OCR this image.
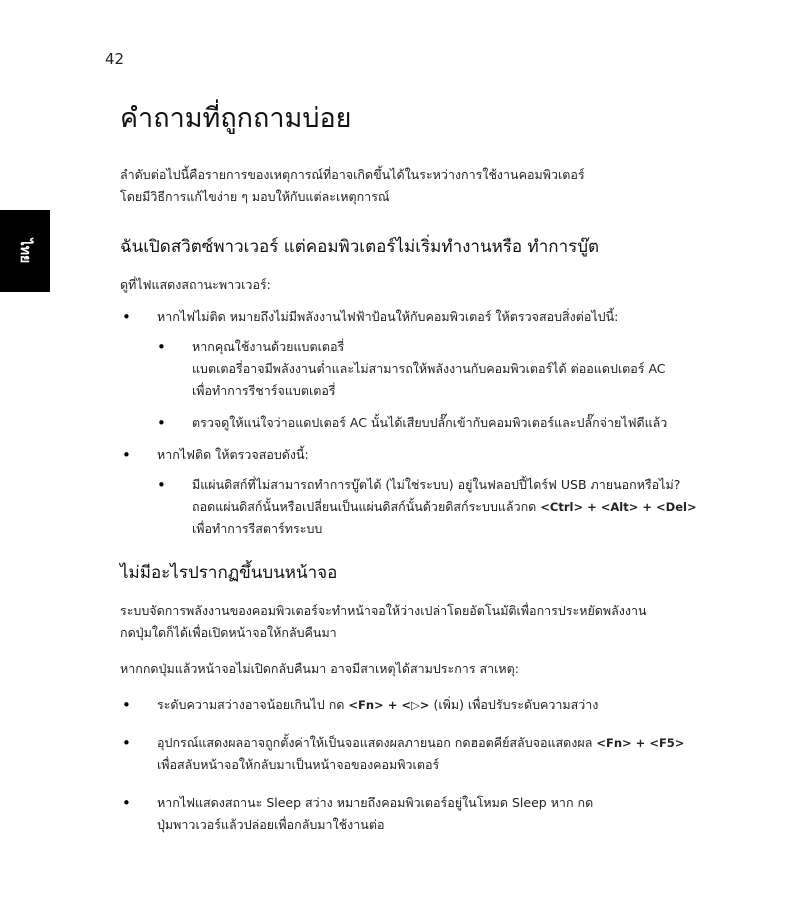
42
ไทย
คำถามที่ถูกถามบ่อย

ลำดับต่อไปนี้คือรายการของเหตุการณ์ที่อาจเกิดขึ้นได้ในระหว่างการใช้งานคอมพิวเตอร์
โดยมีวิธีการแก้ไขง่าย ๆ มอบให้กับแต่ละเหตุการณ์

ฉันเปิดสวิตซ์พาวเวอร์ แต่คอมพิวเตอร์ไม่เริ่มทำงานหรือ ทำการบู๊ต

ดูที่ไฟแสดงสถานะพาวเวอร์:

• หากไฟไม่ติด หมายถึงไม่มีพลังงานไฟฟ้าป้อนให้กับคอมพิวเตอร์ ให้ตรวจสอบสิ่งต่อไปนี้:
• หากคุณใช้งานด้วยแบตเตอรี่
แบตเตอรี่อาจมีพลังงานต่ำและไม่สามารถให้พลังงานกับคอมพิวเตอร์ได้ ต่ออแดปเตอร์ AC
เพื่อทำการรีชาร์จแบตเตอรี่
• ตรวจดูให้แน่ใจว่าอแดปเตอร์ AC นั้นได้เสียบปลั๊กเข้ากับคอมพิวเตอร์และปลั๊กจ่ายไฟดีแล้ว
• หากไฟติด ให้ตรวจสอบดังนี้:
• มีแผ่นดิสก์ที่ไม่สามารถทำการบู๊ตได้ (ไม่ใช่ระบบ) อยู่ในฟลอปปี้ไดร์ฟ USB ภายนอกหรือไม่?
ถอดแผ่นดิสก์นั้นหรือเปลี่ยนเป็นแผ่นดิสก์นั้นด้วยดิสก์ระบบแล้วกด <Ctrl> + <Alt> + <Del>
เพื่อทำการรีสตาร์ทระบบ
ไม่มีอะไรปรากฏขึ้นบนหน้าจอ

ระบบจัดการพลังงานของคอมพิวเตอร์จะทำหน้าจอให้ว่างเปล่าโดยอัตโนมัติเพื่อการประหยัดพลังงาน
กดปุ่มใดก็ได้เพื่อเปิดหน้าจอให้กลับคืนมา

หากกดปุ่มแล้วหน้าจอไม่เปิดกลับคืนมา อาจมีสาเหตุได้สามประการ สาเหตุ:

• ระดับความสว่างอาจน้อยเกินไป กด <Fn> + <▷> (เพิ่ม) เพื่อปรับระดับความสว่าง
• อุปกรณ์แสดงผลอาจถูกตั้งค่าให้เป็นจอแสดงผลภายนอก กดฮอตคีย์สลับจอแสดงผล <Fn> + <F5>
เพื่อสลับหน้าจอให้กลับมาเป็นหน้าจอของคอมพิวเตอร์
• หากไฟแสดงสถานะ Sleep สว่าง หมายถึงคอมพิวเตอร์อยู่ในโหมด Sleep หาก กด
ปุ่มพาวเวอร์แล้วปล่อยเพื่อกลับมาใช้งานต่อ
